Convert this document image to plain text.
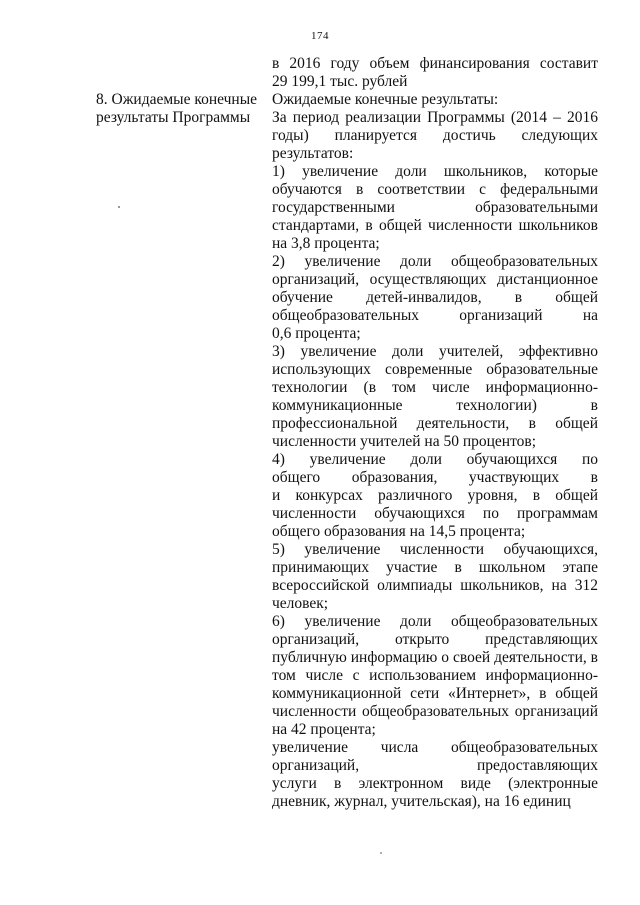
174
8. Ожидаемые конечные
результаты Программы
в 2016 году объем финансирования составит
29 199,1 тыс. рублей
Ожидаемые конечные результаты:
За период реализации Программы (2014 – 2016
годы) планируется достичь следующих
результатов:
1) увеличение доли школьников, которые
обучаются в соответствии с федеральными
государственными образовательными
стандартами, в общей численности школьников
на 3,8 процента;
2) увеличение доли общеобразовательных
организаций, осуществляющих дистанционное
обучение детей-инвалидов, в общей
общеобразовательных организаций на
0,6 процента;
3) увеличение доли учителей, эффективно
использующих современные образовательные
технологии (в том числе информационно-
коммуникационные технологии) в
профессиональной деятельности, в общей
численности учителей на 50 процентов;
4) увеличение доли обучающихся по
общего образования, участвующих в
и конкурсах различного уровня, в общей
численности обучающихся по программам
общего образования на 14,5 процента;
5) увеличение численности обучающихся,
принимающих участие в школьном этапе
всероссийской олимпиады школьников, на 312
человек;
6) увеличение доли общеобразовательных
организаций, открыто представляющих
публичную информацию о своей деятельности, в
том числе с использованием информационно-
коммуникационной сети «Интернет», в общей
численности общеобразовательных организаций
на 42 процента;
увеличение числа общеобразовательных
организаций, предоставляющих
услуги в электронном виде (электронные
дневник, журнал, учительская), на 16 единиц
